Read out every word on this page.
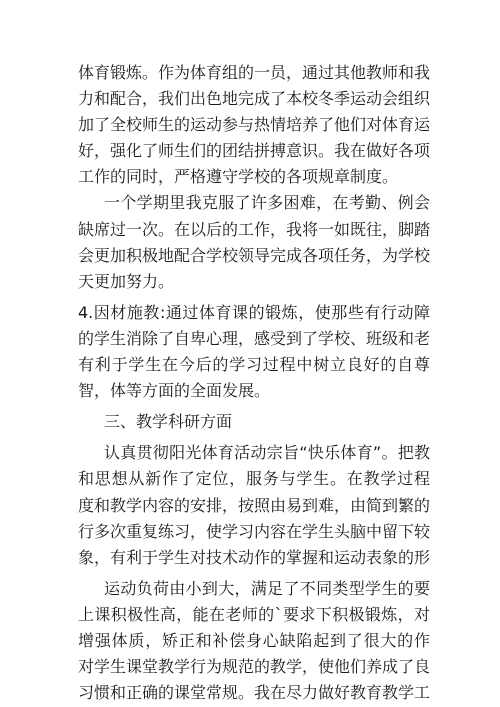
体育锻炼。作为体育组的一员，通过其他教师和我
力和配合，我们出色地完成了本校冬季运动会组织
加了全校师生的运动参与热情培养了他们对体育运
好，强化了师生们的团结拼搏意识。我在做好各项
工作的同时，严格遵守学校的各项规章制度。
一个学期里我克服了许多困难，在考勤、例会
缺席过一次。在以后的工作，我将一如既往，脚踏
会更加积极地配合学校领导完成各项任务，为学校
天更加努力。
4.因材施教:通过体育课的锻炼，使那些有行动障
的学生消除了自卑心理，感受到了学校、班级和老
有利于学生在今后的学习过程中树立良好的自尊
智，体等方面的全面发展。
三、教学科研方面
认真贯彻阳光体育活动宗旨“快乐体育”。把教
和思想从新作了定位，服务与学生。在教学过程
度和教学内容的安排，按照由易到难，由简到繁的
行多次重复练习，使学习内容在学生头脑中留下较
象，有利于学生对技术动作的掌握和运动表象的形
运动负荷由小到大，满足了不同类型学生的要
上课积极性高，能在老师的`要求下积极锻炼，对
增强体质，矫正和补偿身心缺陷起到了很大的作
对学生课堂教学行为规范的教学，使他们养成了良
习惯和正确的课堂常规。我在尽力做好教育教学工
